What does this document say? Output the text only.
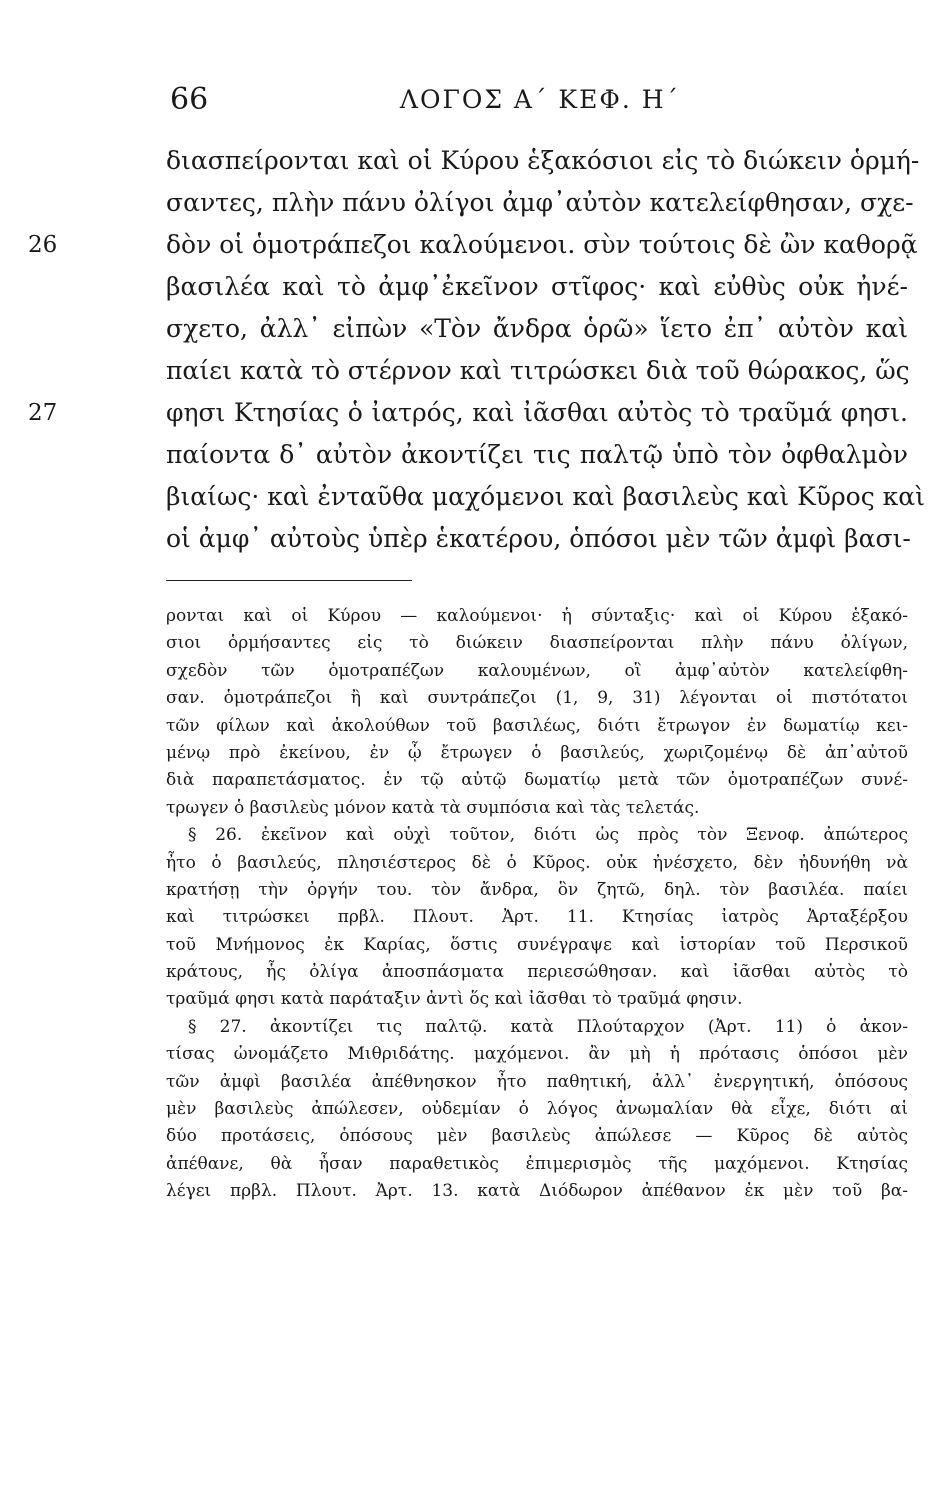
66	ΛΟΓΟΣ Α΄ ΚΕΦ. Η΄
διασπείρονται καὶ οἱ Κύρου ἑξακόσιοι εἰς τὸ διώκειν ὁρμή-
σαντες, πλὴν πάνυ ὀλίγοι ἀμφ᾽αὐτὸν κατελείφθησαν, σχε-
26	δὸν οἱ ὁμοτράπεζοι καλούμενοι. σὺν τούτοις δὲ ὢν καθορᾷ
βασιλέα καὶ τὸ ἀμφ᾽ἐκεῖνον στῖφος· καὶ εὐθὺς οὐκ ἠνέ-
σχετο, ἀλλ᾽ εἰπὼν «Τὸν ἄνδρα ὁρῶ» ἵετο ἐπ᾽ αὐτὸν καὶ
παίει κατὰ τὸ στέρνον καὶ τιτρώσκει διὰ τοῦ θώρακος, ὥς
27	φησι Κτησίας ὁ ἰατρός, καὶ ἰᾶσθαι αὐτὸς τὸ τραῦμά φησι.
παίοντα δ᾽ αὐτὸν ἀκοντίζει τις παλτῷ ὑπὸ τὸν ὀφθαλμὸν
βιαίως· καὶ ἐνταῦθα μαχόμενοι καὶ βασιλεὺς καὶ Κῦρος καὶ
οἱ ἀμφ᾽ αὐτοὺς ὑπὲρ ἑκατέρου, ὁπόσοι μὲν τῶν ἀμφὶ βασι-
ρονται καὶ οἱ Κύρου — καλούμενοι· ἡ σύνταξις· καὶ οἱ Κύρου ἑξακό-
σιοι ὁρμήσαντες εἰς τὸ διώκειν διασπείρονται πλὴν πάνυ ὀλίγων,
σχεδὸν τῶν ὁμοτραπέζων καλουμένων, οἳ ἀμφ᾽αὐτὸν κατελείφθη-
σαν. ὁμοτράπεζοι ἢ καὶ συντράπεζοι (1, 9, 31) λέγονται οἱ πιστότατοι
τῶν φίλων καὶ ἀκολούθων τοῦ βασιλέως, διότι ἔτρωγον ἐν δωματίῳ κει-
μένῳ πρὸ ἐκείνου, ἐν ᾧ ἔτρωγεν ὁ βασιλεύς, χωριζομένῳ δὲ ἀπ᾽αὐτοῦ
διὰ παραπετάσματος. ἐν τῷ αὐτῷ δωματίῳ μετὰ τῶν ὁμοτραπέζων συνέ-
τρωγεν ὁ βασιλεὺς μόνον κατὰ τὰ συμπόσια καὶ τὰς τελετάς.
§ 26. ἐκεῖνον καὶ οὐχὶ τοῦτον, διότι ὡς πρὸς τὸν Ξενοφ. ἀπώτερος
ἦτο ὁ βασιλεύς, πλησιέστερος δὲ ὁ Κῦρος. οὐκ ἠνέσχετο, δὲν ἠδυνήθη νὰ
κρατήσῃ τὴν ὀργήν του. τὸν ἄνδρα, ὃν ζητῶ, δηλ. τὸν βασιλέα. παίει
καὶ τιτρώσκει πρβλ. Πλουτ. Ἀρτ. 11. Κτησίας ἰατρὸς Ἀρταξέρξου
τοῦ Μνήμονος ἐκ Καρίας, ὅστις συνέγραψε καὶ ἱστορίαν τοῦ Περσικοῦ
κράτους, ἧς ὀλίγα ἀποσπάσματα περιεσώθησαν. καὶ ἰᾶσθαι αὐτὸς τὸ
τραῦμά φησι κατὰ παράταξιν ἀντὶ ὅς καὶ ἰᾶσθαι τὸ τραῦμά φησιν.
§ 27. ἀκοντίζει τις παλτῷ. κατὰ Πλούταρχον (Ἀρτ. 11) ὁ ἀκον-
τίσας ὠνομάζετο Μιθριδάτης. μαχόμενοι. ἂν μὴ ἡ πρότασις ὁπόσοι μὲν
τῶν ἀμφὶ βασιλέα ἀπέθνησκον ἦτο παθητική, ἀλλ᾽ ἐνεργητική, ὁπόσους
μὲν βασιλεὺς ἀπώλεσεν, οὐδεμίαν ὁ λόγος ἀνωμαλίαν θὰ εἶχε, διότι αἱ
δύο προτάσεις, ὁπόσους μὲν βασιλεὺς ἀπώλεσε — Κῦρος δὲ αὐτὸς
ἀπέθανε, θὰ ἦσαν παραθετικὸς ἐπιμερισμὸς τῆς μαχόμενοι. Κτησίας
λέγει πρβλ. Πλουτ. Ἀρτ. 13. κατὰ Διόδωρον ἀπέθανον ἐκ μὲν τοῦ βα-
